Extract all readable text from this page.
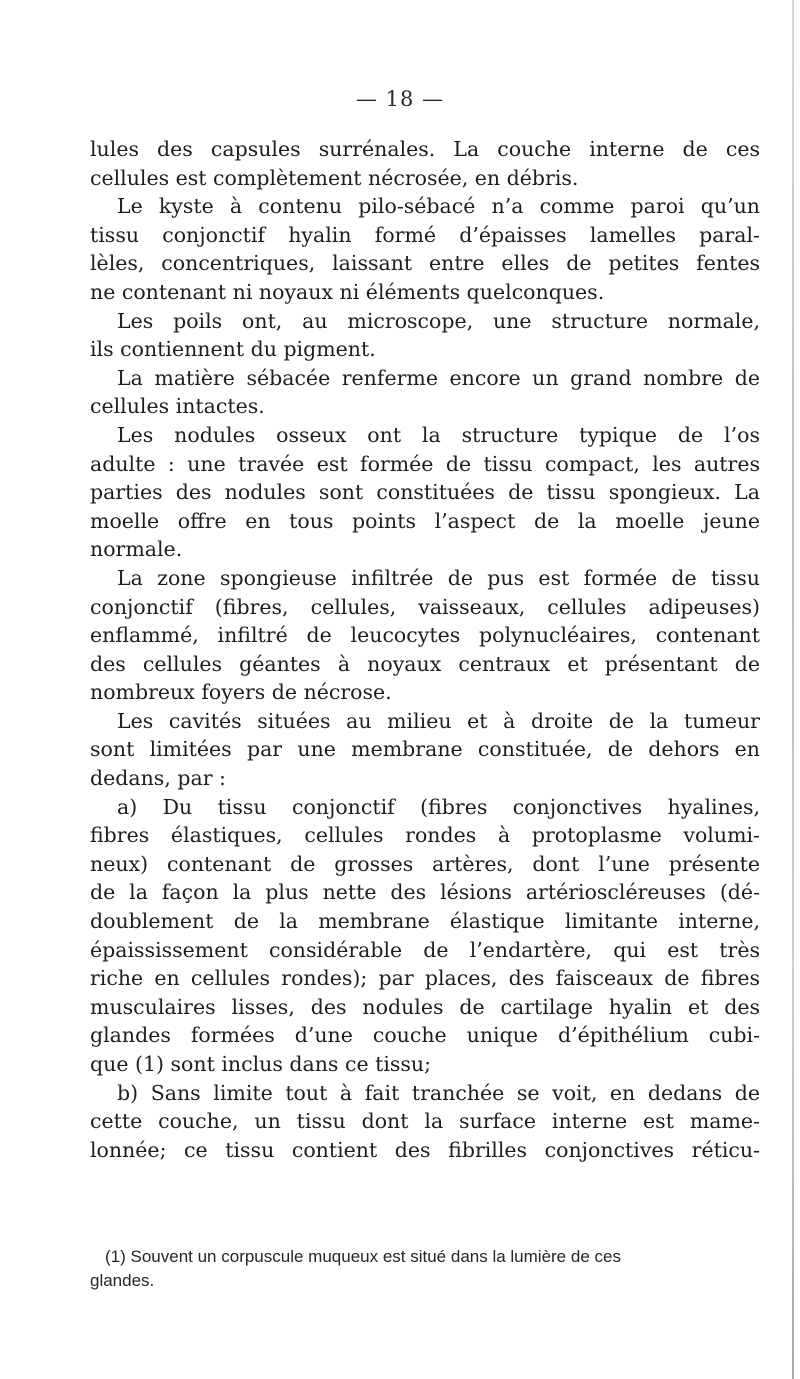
— 18 —
lules des capsules surrénales. La couche interne de ces
cellules est complètement nécrosée, en débris.
Le kyste à contenu pilo-sébacé n’a comme paroi qu’un
tissu conjonctif hyalin formé d’épaisses lamelles paral-
lèles, concentriques, laissant entre elles de petites fentes
ne contenant ni noyaux ni éléments quelconques.
Les poils ont, au microscope, une structure normale,
ils contiennent du pigment.
La matière sébacée renferme encore un grand nombre de
cellules intactes.
Les nodules osseux ont la structure typique de l’os
adulte : une travée est formée de tissu compact, les autres
parties des nodules sont constituées de tissu spongieux. La
moelle offre en tous points l’aspect de la moelle jeune
normale.
La zone spongieuse infiltrée de pus est formée de tissu
conjonctif (fibres, cellules, vaisseaux, cellules adipeuses)
enflammé, infiltré de leucocytes polynucléaires, contenant
des cellules géantes à noyaux centraux et présentant de
nombreux foyers de nécrose.
Les cavités situées au milieu et à droite de la tumeur
sont limitées par une membrane constituée, de dehors en
dedans, par :
a) Du tissu conjonctif (fibres conjonctives hyalines,
fibres élastiques, cellules rondes à protoplasme volumi-
neux) contenant de grosses artères, dont l’une présente
de la façon la plus nette des lésions artérioscléreuses (dé-
doublement de la membrane élastique limitante interne,
épaississement considérable de l’endartère, qui est très
riche en cellules rondes); par places, des faisceaux de fibres
musculaires lisses, des nodules de cartilage hyalin et des
glandes formées d’une couche unique d’épithélium cubi-
que (1) sont inclus dans ce tissu;
b) Sans limite tout à fait tranchée se voit, en dedans de
cette couche, un tissu dont la surface interne est mame-
lonnée; ce tissu contient des fibrilles conjonctives réticu-
(1) Souvent un corpuscule muqueux est situé dans la lumière de ces
glandes.
